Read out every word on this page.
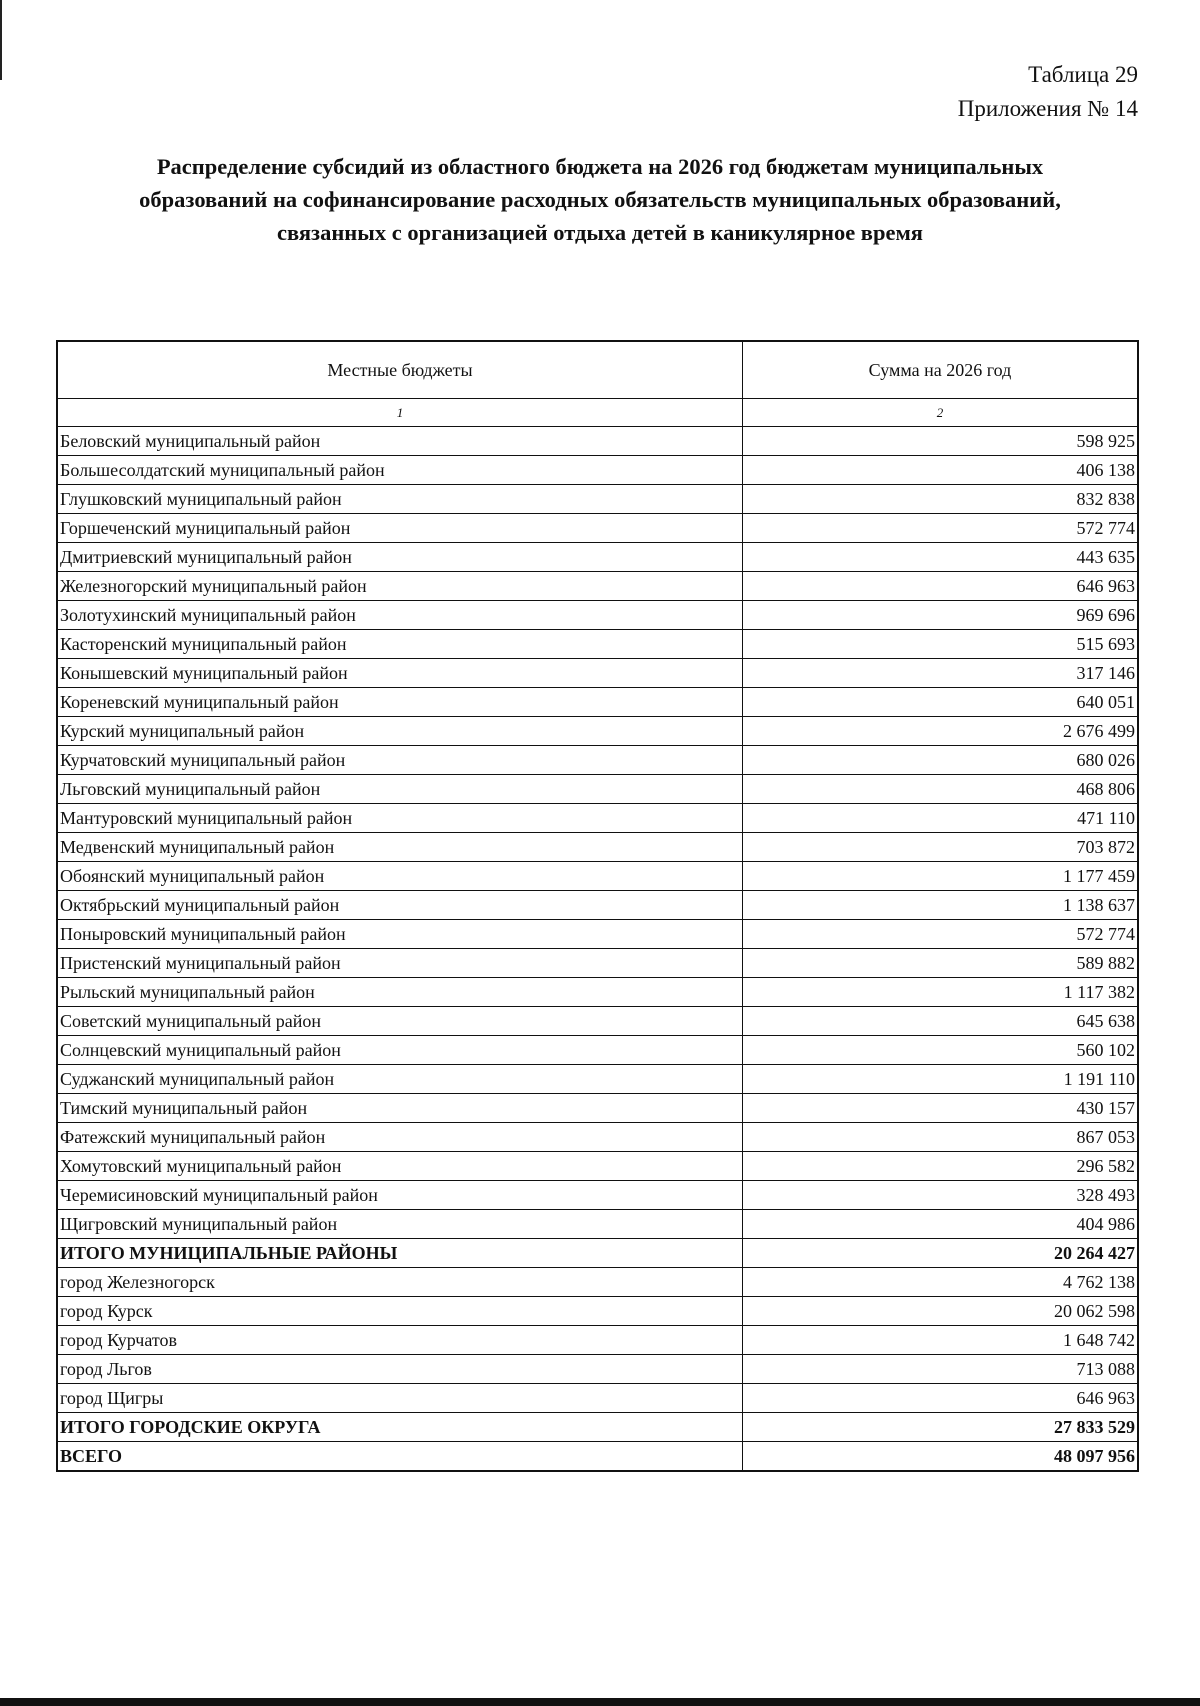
Таблица 29
Приложения № 14
Распределение субсидий из областного бюджета на 2026 год бюджетам муниципальных
образований на софинансирование расходных обязательств муниципальных образований,
связанных с организацией отдыха детей в каникулярное время
Местные бюджеты	Сумма на 2026 год
1	2
Беловский муниципальный район	598 925
Большесолдатский муниципальный район	406 138
Глушковский муниципальный район	832 838
Горшеченский муниципальный район	572 774
Дмитриевский муниципальный район	443 635
Железногорский муниципальный район	646 963
Золотухинский муниципальный район	969 696
Касторенский муниципальный район	515 693
Конышевский муниципальный район	317 146
Кореневский муниципальный район	640 051
Курский муниципальный район	2 676 499
Курчатовский муниципальный район	680 026
Льговский муниципальный район	468 806
Мантуровский муниципальный район	471 110
Медвенский муниципальный район	703 872
Обоянский муниципальный район	1 177 459
Октябрьский муниципальный район	1 138 637
Поныровский муниципальный район	572 774
Пристенский муниципальный район	589 882
Рыльский муниципальный район	1 117 382
Советский муниципальный район	645 638
Солнцевский муниципальный район	560 102
Суджанский муниципальный район	1 191 110
Тимский муниципальный район	430 157
Фатежский муниципальный район	867 053
Хомутовский муниципальный район	296 582
Черемисиновский муниципальный район	328 493
Щигровский муниципальный район	404 986
ИТОГО МУНИЦИПАЛЬНЫЕ РАЙОНЫ	20 264 427
город Железногорск	4 762 138
город Курск	20 062 598
город Курчатов	1 648 742
город Льгов	713 088
город Щигры	646 963
ИТОГО ГОРОДСКИЕ ОКРУГА	27 833 529
ВСЕГО	48 097 956
